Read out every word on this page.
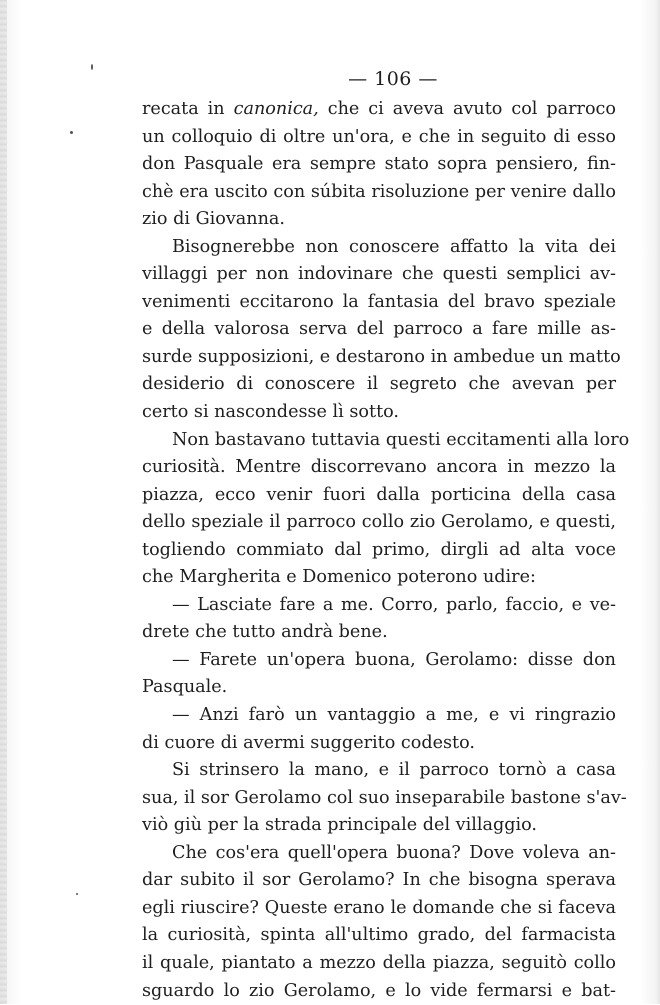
— 106 —
recata in canonica, che ci aveva avuto col parroco
un colloquio di oltre un'ora, e che in seguito di esso
don Pasquale era sempre stato sopra pensiero, fin-
chè era uscito con súbita risoluzione per venire dallo
zio di Giovanna.
Bisognerebbe non conoscere affatto la vita dei
villaggi per non indovinare che questi semplici av-
venimenti eccitarono la fantasia del bravo speziale
e della valorosa serva del parroco a fare mille as-
surde supposizioni, e destarono in ambedue un matto
desiderio di conoscere il segreto che avevan per
certo si nascondesse lì sotto.
Non bastavano tuttavia questi eccitamenti alla loro
curiosità. Mentre discorrevano ancora in mezzo la
piazza, ecco venir fuori dalla porticina della casa
dello speziale il parroco collo zio Gerolamo, e questi,
togliendo commiato dal primo, dirgli ad alta voce
che Margherita e Domenico poterono udire:
— Lasciate fare a me. Corro, parlo, faccio, e ve-
drete che tutto andrà bene.
— Farete un'opera buona, Gerolamo: disse don
Pasquale.
— Anzi farò un vantaggio a me, e vi ringrazio
di cuore di avermi suggerito codesto.
Si strinsero la mano, e il parroco tornò a casa
sua, il sor Gerolamo col suo inseparabile bastone s'av-
viò giù per la strada principale del villaggio.
Che cos'era quell'opera buona? Dove voleva an-
dar subito il sor Gerolamo? In che bisogna sperava
egli riuscire? Queste erano le domande che si faceva
la curiosità, spinta all'ultimo grado, del farmacista
il quale, piantato a mezzo della piazza, seguitò collo
sguardo lo zio Gerolamo, e lo vide fermarsi e bat-
